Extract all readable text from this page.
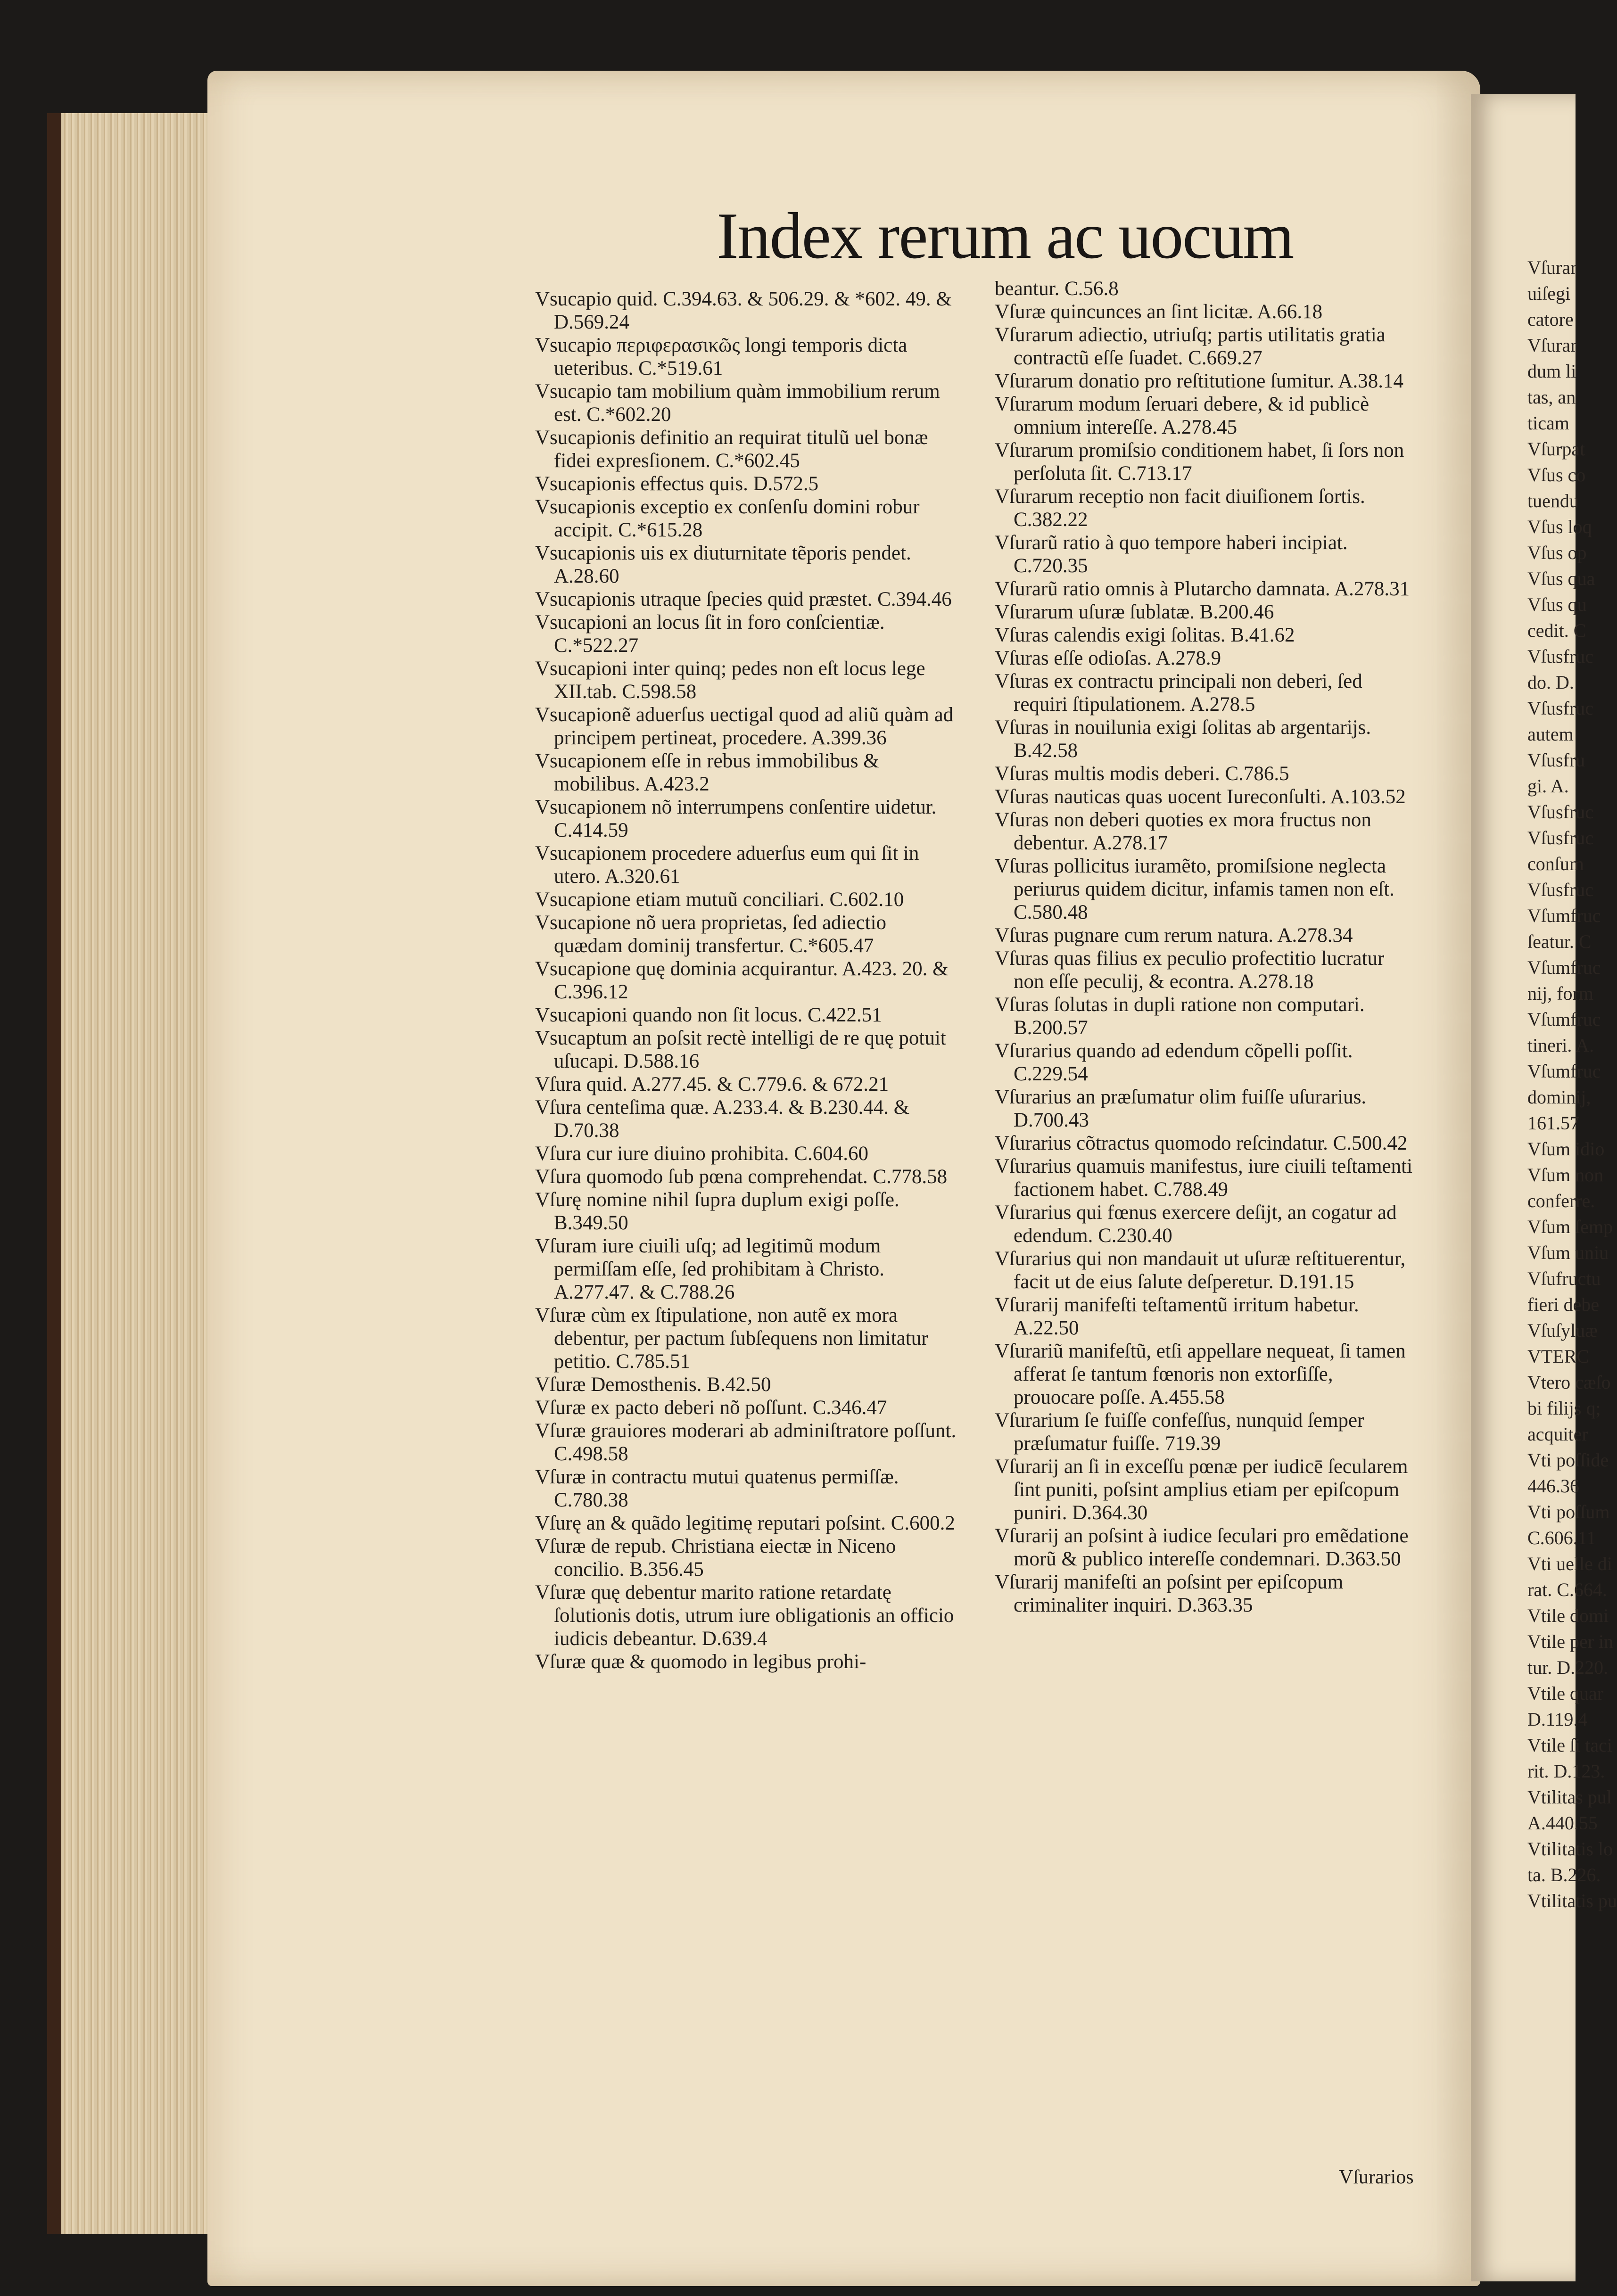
Index rerum ac uocum

Vsucapio quid. C.394.63. & 506.29. & *602. 49. & D.569.24

Vsucapio περιφερασικῶς longi temporis dicta ueteribus. C.*519.61

Vsucapio tam mobilium quàm immobilium rerum est. C.*602.20

Vsucapionis definitio an requirat titulũ uel bonæ fidei expresſionem. C.*602.45

Vsucapionis effectus quis. D.572.5

Vsucapionis exceptio ex conſenſu domini robur accipit. C.*615.28

Vsucapionis uis ex diuturnitate tẽporis pendet. A.28.60

Vsucapionis utraque ſpecies quid præstet. C.394.46

Vsucapioni an locus ſit in foro conſcientiæ. C.*522.27

Vsucapioni inter quinq; pedes non eſt locus lege XII.tab. C.598.58

Vsucapionẽ aduerſus uectigal quod ad aliũ quàm ad principem pertineat, procedere. A.399.36

Vsucapionem eſſe in rebus immobilibus & mobilibus. A.423.2

Vsucapionem nõ interrumpens conſentire uidetur. C.414.59

Vsucapionem procedere aduerſus eum qui ſit in utero. A.320.61

Vsucapione etiam mutuũ conciliari. C.602.10

Vsucapione nõ uera proprietas, ſed adiectio quædam dominij transfertur. C.*605.47

Vsucapione quę dominia acquirantur. A.423. 20. & C.396.12

Vsucapioni quando non ſit locus. C.422.51

Vsucaptum an poſsit rectè intelligi de re quę potuit uſucapi. D.588.16

Vſura quid. A.277.45. & C.779.6. & 672.21

Vſura centeſima quæ. A.233.4. & B.230.44. & D.70.38

Vſura cur iure diuino prohibita. C.604.60

Vſura quomodo ſub pœna comprehendat. C.778.58

Vſurę nomine nihil ſupra duplum exigi poſſe. B.349.50

Vſuram iure ciuili uſq; ad legitimũ modum permiſſam eſſe, ſed prohibitam à Christo. A.277.47. & C.788.26

Vſuræ cùm ex ſtipulatione, non autẽ ex mora debentur, per pactum ſubſequens non limitatur petitio. C.785.51

Vſuræ Demosthenis. B.42.50

Vſuræ ex pacto deberi nõ poſſunt. C.346.47

Vſuræ grauiores moderari ab adminiſtratore poſſunt. C.498.58

Vſuræ in contractu mutui quatenus permiſſæ. C.780.38

Vſurę an & quãdo legitimę reputari poſsint. C.600.2

Vſuræ de repub. Christiana eiectæ in Niceno concilio. B.356.45

Vſuræ quę debentur marito ratione retardatę ſolutionis dotis, utrum iure obligationis an officio iudicis debeantur. D.639.4

Vſuræ quæ & quomodo in legibus prohi-

beantur. C.56.8

Vſuræ quincunces an ſint licitæ. A.66.18

Vſurarum adiectio, utriuſq; partis utilitatis gratia contractũ eſſe ſuadet. C.669.27

Vſurarum donatio pro reſtitutione ſumitur. A.38.14

Vſurarum modum ſeruari debere, & id publicè omnium intereſſe. A.278.45

Vſurarum promiſsio conditionem habet, ſi ſors non perſoluta ſit. C.713.17

Vſurarum receptio non facit diuiſionem ſortis. C.382.22

Vſurarũ ratio à quo tempore haberi incipiat. C.720.35

Vſurarũ ratio omnis à Plutarcho damnata. A.278.31

Vſurarum uſuræ ſublatæ. B.200.46

Vſuras calendis exigi ſolitas. B.41.62

Vſuras eſſe odioſas. A.278.9

Vſuras ex contractu principali non deberi, ſed requiri ſtipulationem. A.278.5

Vſuras in nouilunia exigi ſolitas ab argentarijs. B.42.58

Vſuras multis modis deberi. C.786.5

Vſuras nauticas quas uocent Iureconſulti. A.103.52

Vſuras non deberi quoties ex mora fructus non debentur. A.278.17

Vſuras pollicitus iuramẽto, promiſsione neglecta periurus quidem dicitur, infamis tamen non eſt. C.580.48

Vſuras pugnare cum rerum natura. A.278.34

Vſuras quas filius ex peculio profectitio lucratur non eſſe peculij, & econtra. A.278.18

Vſuras ſolutas in dupli ratione non computari. B.200.57

Vſurarius quando ad edendum cõpelli poſſit. C.229.54

Vſurarius an præſumatur olim fuiſſe uſurarius. D.700.43

Vſurarius cõtractus quomodo reſcindatur. C.500.42

Vſurarius quamuis manifestus, iure ciuili teſtamenti factionem habet. C.788.49

Vſurarius qui fœnus exercere deſijt, an cogatur ad edendum. C.230.40

Vſurarius qui non mandauit ut uſuræ reſtituerentur, facit ut de eius ſalute deſperetur. D.191.15

Vſurarij manifeſti teſtamentũ irritum habetur. A.22.50

Vſurariũ manifeſtũ, etſi appellare nequeat, ſi tamen afferat ſe tantum fœnoris non extorſiſſe, prouocare poſſe. A.455.58

Vſurarium ſe fuiſſe confeſſus, nunquid ſemper præſumatur fuiſſe. 719.39

Vſurarij an ſi in exceſſu pœnæ per iudicē ſecularem ſint puniti, poſsint amplius etiam per epiſcopum puniri. D.364.30

Vſurarij an poſsint à iudice ſeculari pro emẽdatione morũ & publico intereſſe condemnari. D.363.50

Vſurarij manifeſti an poſsint per epiſcopum criminaliter inquiri. D.363.35

Vſurarios
Vſurar
uiſegi
catore
Vſurar
dum li
tas, an
ticam
Vſurpat
Vſus co
tuendu
Vſus loq
Vſus op
Vſus qua
Vſus qu
cedit. C
Vſusfruc
do. D.
Vſusfruc
autem
Vſusfru
gi. A.
Vſusfruc
Vſusfruc
conſum
Vſusfruc
Vſumfruc
ſeatur. C
Vſumfruc
nij, form
Vſumfruc
tineri. A.
Vſumfruc
dominij,
161.57
Vſum idio
Vſum non
conferre.
Vſum ſemp
Vſum uniu
Vſufructu
fieri debe
Vſuſyluæ
VTERC
Vtero cæſo
bi filijs q;
acquiter
Vti poſſide
446.36
Vti poſſum
C.606.11
Vti uelle di
rat. C.664.
Vtile domi
Vtile per in
tur. D.220.
Vtile quar
D.119.4
Vtile ſi taci
rit. D.123.
Vtilitas pul
A.440.55
Vtilitatis lo
ta. B.226.
Vtilitatis pu
